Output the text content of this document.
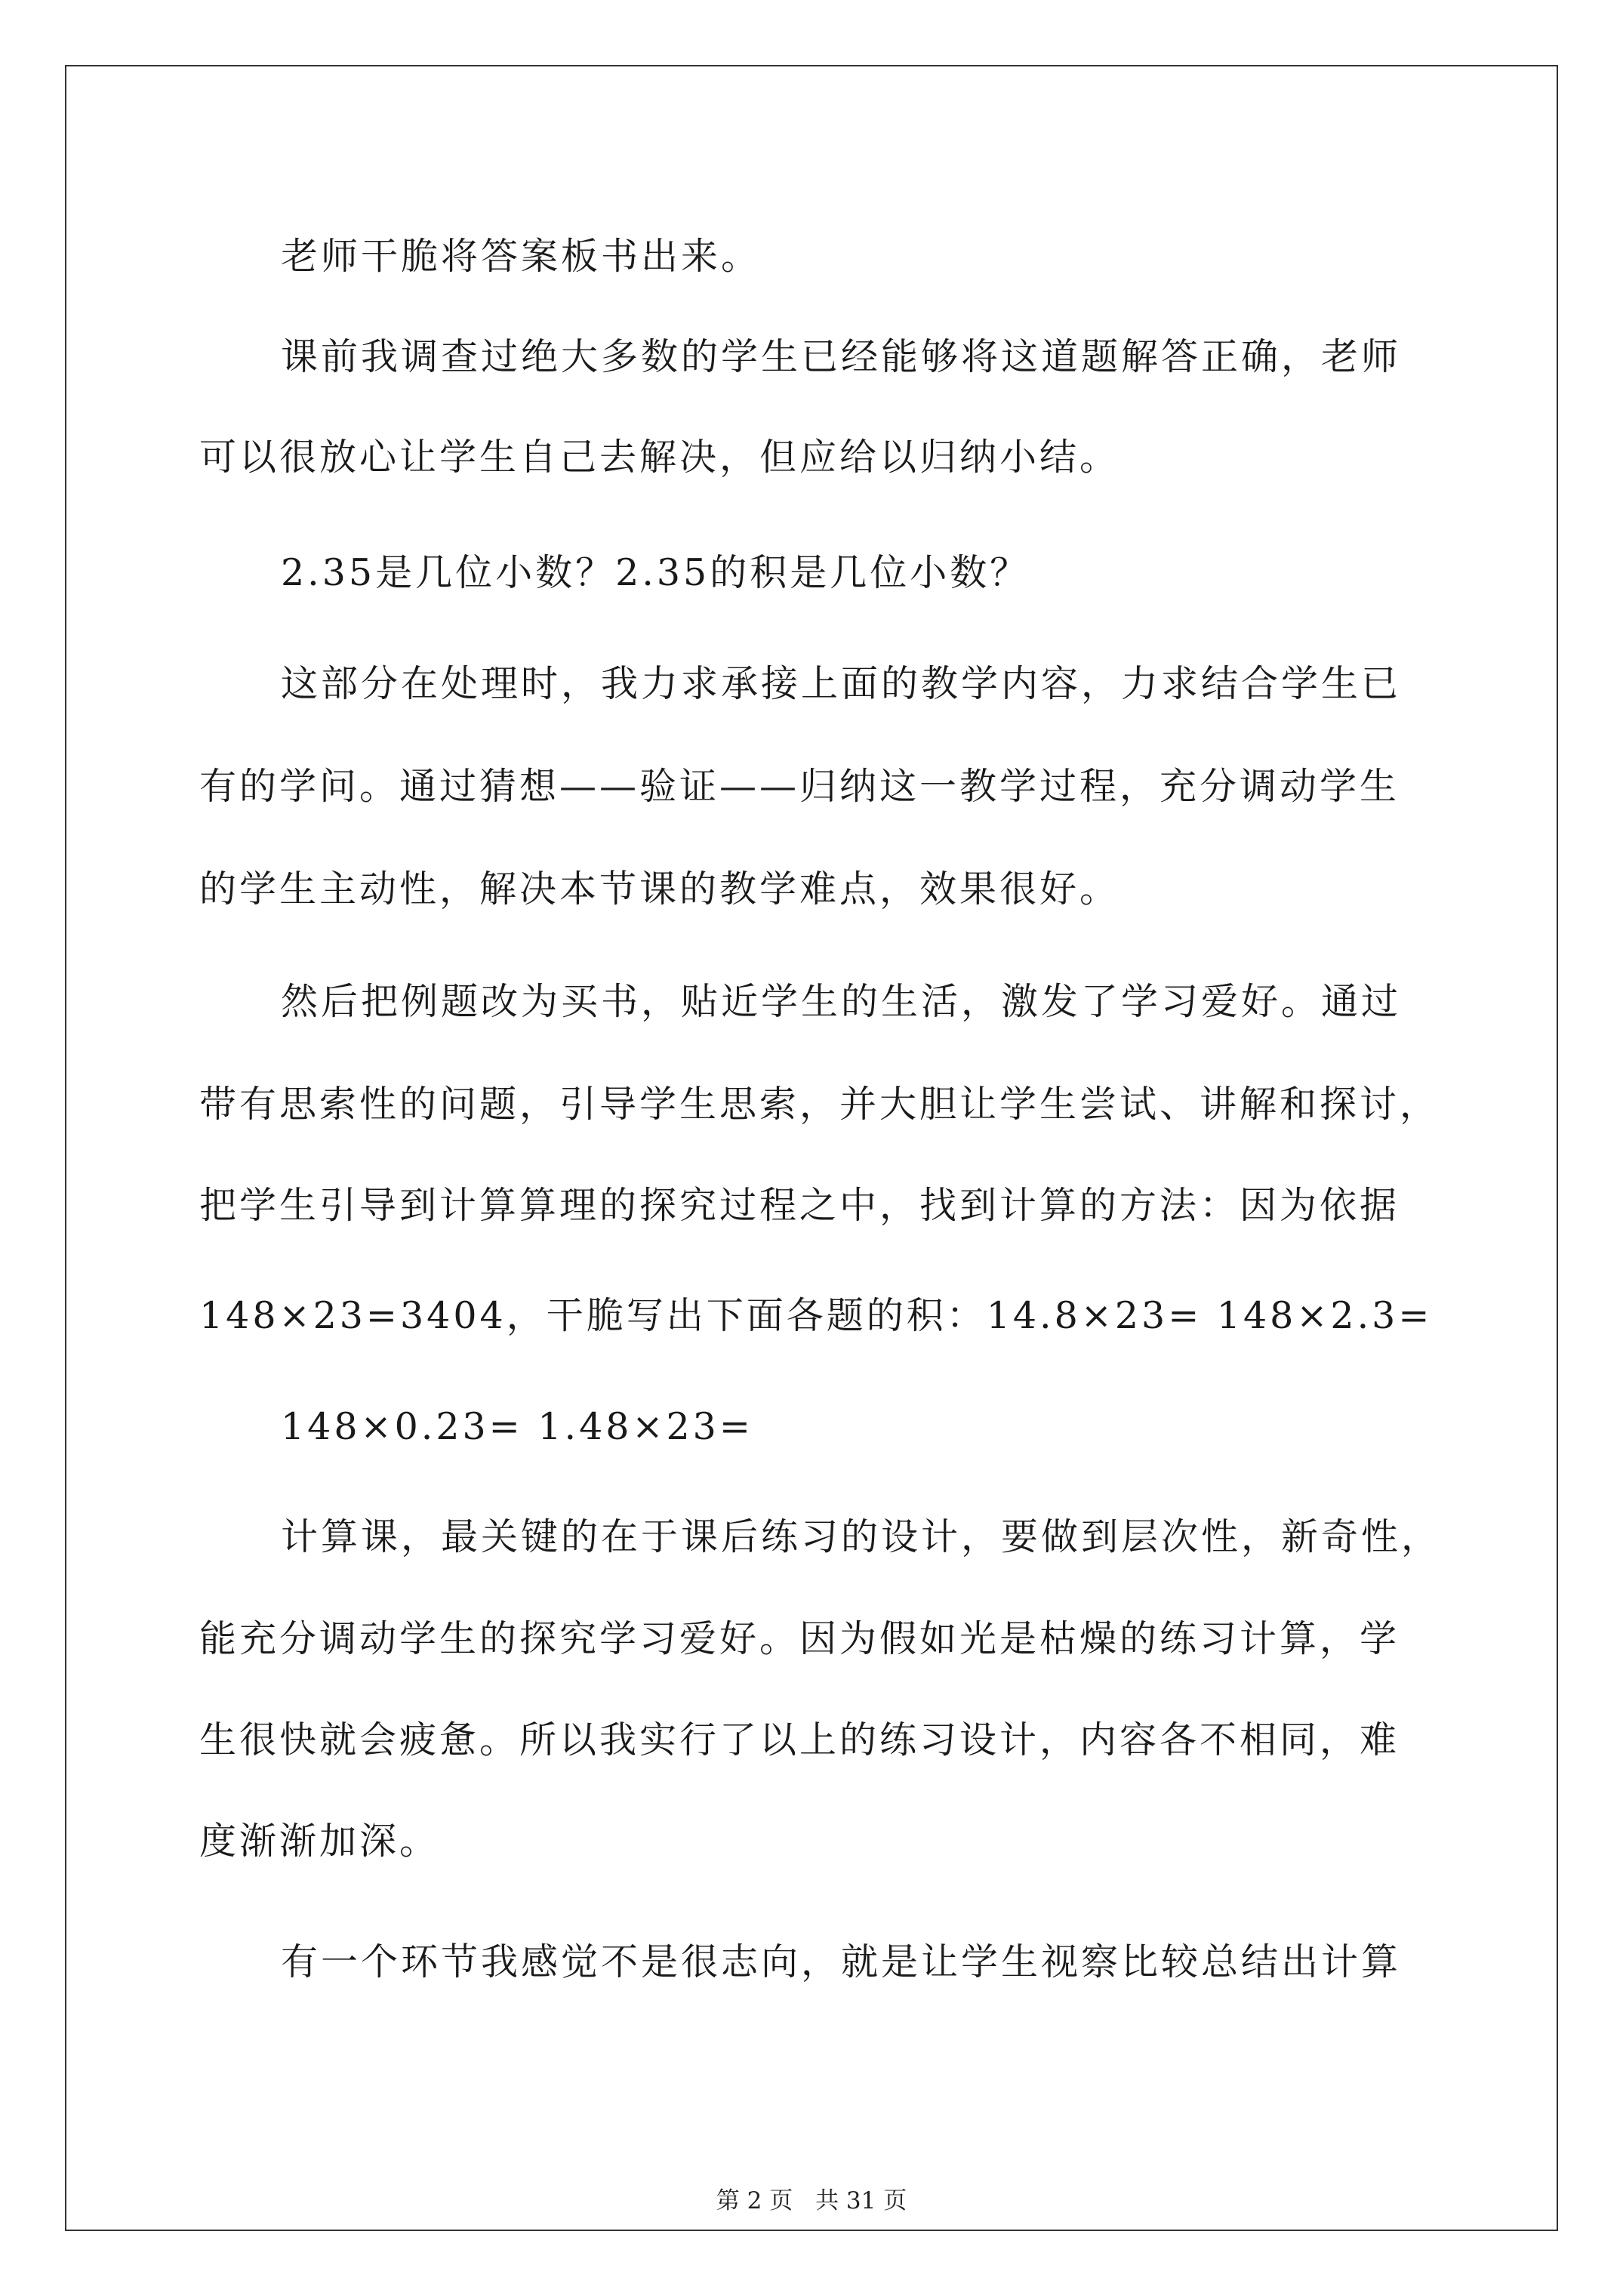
老师干脆将答案板书出来。
课前我调查过绝大多数的学生已经能够将这道题解答正确，老师
可以很放心让学生自己去解决，但应给以归纳小结。
2.35是几位小数？2.35的积是几位小数？
这部分在处理时，我力求承接上面的教学内容，力求结合学生已
有的学问。通过猜想——验证——归纳这一教学过程，充分调动学生
的学生主动性，解决本节课的教学难点，效果很好。
然后把例题改为买书，贴近学生的生活，激发了学习爱好。通过
带有思索性的问题，引导学生思索，并大胆让学生尝试、讲解和探讨，
把学生引导到计算算理的探究过程之中，找到计算的方法：因为依据
148×23=3404，干脆写出下面各题的积：14.8×23= 148×2.3=
148×0.23= 1.48×23=
计算课，最关键的在于课后练习的设计，要做到层次性，新奇性，
能充分调动学生的探究学习爱好。因为假如光是枯燥的练习计算，学
生很快就会疲惫。所以我实行了以上的练习设计，内容各不相同，难
度渐渐加深。
有一个环节我感觉不是很志向，就是让学生视察比较总结出计算
第 2 页 共 31 页
